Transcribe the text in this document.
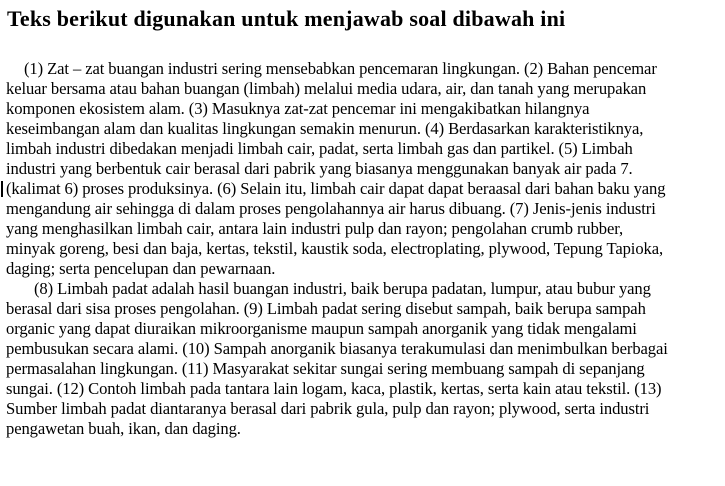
Teks berikut digunakan untuk menjawab soal dibawah ini
(1) Zat – zat buangan industri sering mensebabkan pencemaran lingkungan. (2) Bahan pencemar
keluar bersama atau bahan buangan (limbah) melalui media udara, air, dan tanah yang merupakan
komponen ekosistem alam. (3) Masuknya zat-zat pencemar ini mengakibatkan hilangnya
keseimbangan alam dan kualitas lingkungan semakin menurun. (4) Berdasarkan karakteristiknya,
limbah industri dibedakan menjadi limbah cair, padat, serta limbah gas dan partikel. (5) Limbah
industri yang berbentuk cair berasal dari pabrik yang biasanya menggunakan banyak air pada 7.
(kalimat 6) proses produksinya. (6) Selain itu, limbah cair dapat dapat beraasal dari bahan baku yang
mengandung air sehingga di dalam proses pengolahannya air harus dibuang. (7) Jenis-jenis industri
yang menghasilkan limbah cair, antara lain industri pulp dan rayon; pengolahan crumb rubber,
minyak goreng, besi dan baja, kertas, tekstil, kaustik soda, electroplating, plywood, Tepung Tapioka,
daging; serta pencelupan dan pewarnaan.
(8) Limbah padat adalah hasil buangan industri, baik berupa padatan, lumpur, atau bubur yang
berasal dari sisa proses pengolahan. (9) Limbah padat sering disebut sampah, baik berupa sampah
organic yang dapat diuraikan mikroorganisme maupun sampah anorganik yang tidak mengalami
pembusukan secara alami. (10) Sampah anorganik biasanya terakumulasi dan menimbulkan berbagai
permasalahan lingkungan. (11) Masyarakat sekitar sungai sering membuang sampah di sepanjang
sungai. (12) Contoh limbah pada tantara lain logam, kaca, plastik, kertas, serta kain atau tekstil. (13)
Sumber limbah padat diantaranya berasal dari pabrik gula, pulp dan rayon; plywood, serta industri
pengawetan buah, ikan, dan daging.
